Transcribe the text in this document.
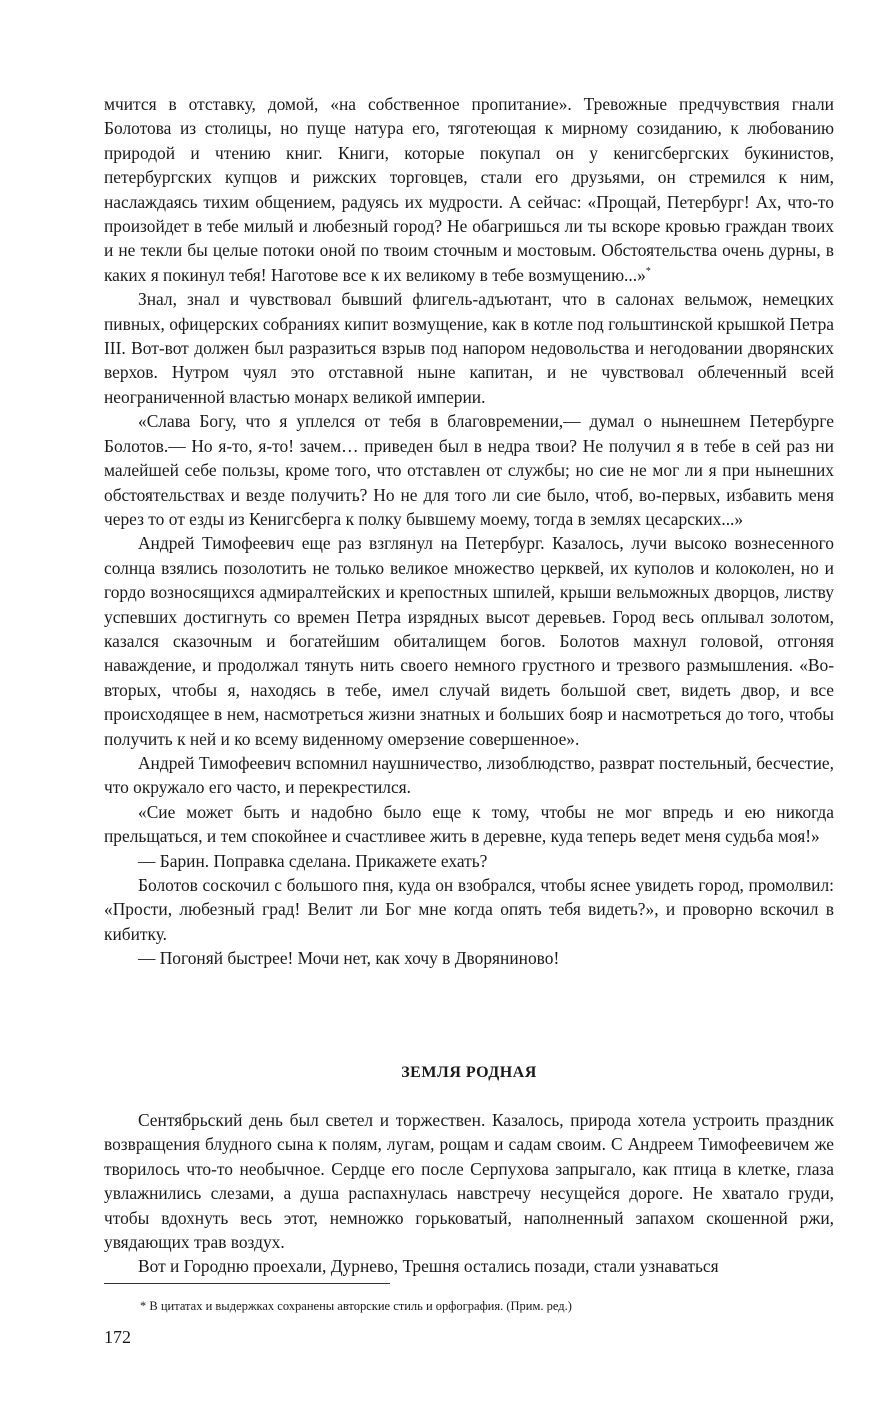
мчится в отставку, домой, «на собственное пропитание». Тревожные предчувствия гнали Болотова из столицы, но пуще натура его, тяготеющая к мирному созиданию, к любованию природой и чтению книг. Книги, которые покупал он у кенигсбергских букинистов, петербургских купцов и рижских торговцев, стали его друзьями, он стремился к ним, наслаждаясь тихим общением, радуясь их мудрости. А сейчас: «Прощай, Петербург! Ах, что-то произойдет в тебе милый и любезный город? Не обагришься ли ты вскоре кровью граждан твоих и не текли бы целые потоки оной по твоим сточным и мостовым. Обстоятельства очень дурны, в каких я покинул тебя! Наготове все к их великому в тебе возмущению...»*

Знал, знал и чувствовал бывший флигель-адъютант, что в салонах вельмож, немецких пивных, офицерских собраниях кипит возмущение, как в котле под гольштинской крышкой Петра III. Вот-вот должен был разразиться взрыв под напором недовольства и негодовании дворянских верхов. Нутром чуял это отставной ныне капитан, и не чувствовал облеченный всей неограниченной властью монарх великой империи.

«Слава Богу, что я уплелся от тебя в благовремении,— думал о нынешнем Петербурге Болотов.— Но я-то, я-то! зачем… приведен был в недра твои? Не получил я в тебе в сей раз ни малейшей себе пользы, кроме того, что отставлен от службы; но сие не мог ли я при нынешних обстоятельствах и везде получить? Но не для того ли сие было, чтоб, во-первых, избавить меня через то от езды из Кенигсберга к полку бывшему моему, тогда в землях цесарских...»

Андрей Тимофеевич еще раз взглянул на Петербург. Казалось, лучи высоко вознесенного солнца взялись позолотить не только великое множество церквей, их куполов и колоколен, но и гордо возносящихся адмиралтейских и крепостных шпилей, крыши вельможных дворцов, листву успевших достигнуть со времен Петра изрядных высот деревьев. Город весь оплывал золотом, казался сказочным и богатейшим обиталищем богов. Болотов махнул головой, отгоняя наваждение, и продолжал тянуть нить своего немного грустного и трезвого размышления. «Во-вторых, чтобы я, находясь в тебе, имел случай видеть большой свет, видеть двор, и все происходящее в нем, насмотреться жизни знатных и больших бояр и насмотреться до того, чтобы получить к ней и ко всему виденному омерзение совершенное».

Андрей Тимофеевич вспомнил наушничество, лизоблюдство, разврат постельный, бесчестие, что окружало его часто, и перекрестился.

«Сие может быть и надобно было еще к тому, чтобы не мог впредь и ею никогда прельщаться, и тем спокойнее и счастливее жить в деревне, куда теперь ведет меня судьба моя!»

— Барин. Поправка сделана. Прикажете ехать?

Болотов соскочил с большого пня, куда он взобрался, чтобы яснее увидеть город, промолвил: «Прости, любезный град! Велит ли Бог мне когда опять тебя видеть?», и проворно вскочил в кибитку.

— Погоняй быстрее! Мочи нет, как хочу в Дворяниново!

ЗЕМЛЯ РОДНАЯ

Сентябрьский день был светел и торжествен. Казалось, природа хотела устроить праздник возвращения блудного сына к полям, лугам, рощам и садам своим. С Андреем Тимофеевичем же творилось что-то необычное. Сердце его после Серпухова запрыгало, как птица в клетке, глаза увлажнились слезами, а душа распахнулась навстречу несущейся дороге. Не хватало груди, чтобы вдохнуть весь этот, немножко горьковатый, наполненный запахом скошенной ржи, увядающих трав воздух.

Вот и Городню проехали, Дурнево, Трешня остались позади, стали узнаваться

* В цитатах и выдержках сохранены авторские стиль и орфография. (Прим. ред.)
172
